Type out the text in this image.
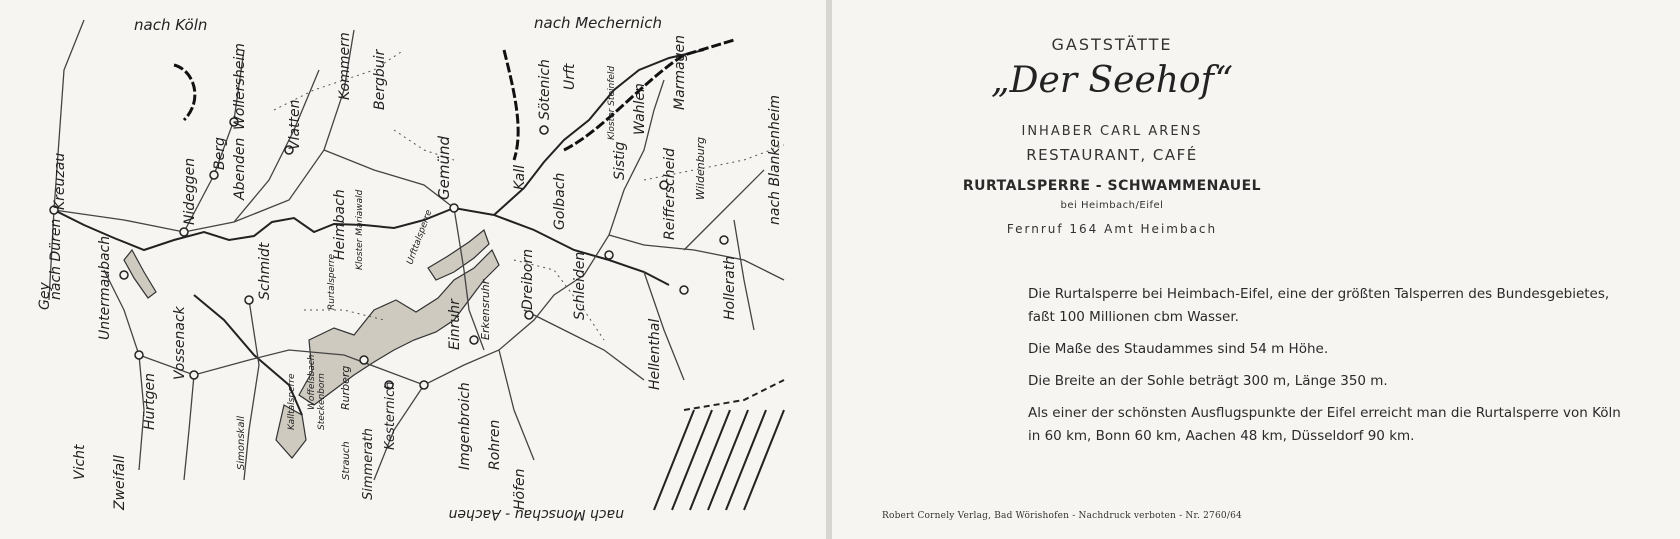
nach Köln	nach Mechernich
nach Düren
nach Blankenheim
nach Monschau - Aachen
Kreuzau
Gey
Nideggen
Berg Abenden
Wollersheim	Vlatten
Kommern Bergbuir
Heimbach Kloster Mariawald
Gemünd
Sötenich Urft
Kall Golbach
Sistig
Kloster Steinfeld Wahlen Marmagen
Reifferscheid Wildenburg
Hollerath
Hellenthal
Schleiden
Dreiborn
Einruhr Erkensruhr
Rohren
Höfen
Imgenbroich
Schmidt
Untermaubach
Vossenack
Hürtgen
Zweifall
Vicht	Simonskall
Kalltalsperre Woffelsbach Steckenborn Rurberg Kesternich
Simmerath
Strauch
Urfttalsperre
Rurtalsperre
GASTSTÄTTE
„Der Seehof“
INHABER CARL ARENS
RESTAURANT, CAFÉ
RURTALSPERRE - SCHWAMMENAUEL
bei Heimbach/Eifel
Fernruf 164 Amt Heimbach

Die Rurtalsperre bei Heimbach-Eifel, eine der größten Talsperren des Bundesgebietes, faßt 100 Millionen cbm Wasser.

Die Maße des Staudammes sind 54 m Höhe.

Die Breite an der Sohle beträgt 300 m, Länge 350 m.

Als einer der schönsten Ausflugspunkte der Eifel erreicht man die Rurtalsperre von Köln in 60 km, Bonn 60 km, Aachen 48 km, Düsseldorf 90 km.

Robert Cornely Verlag, Bad Wörishofen - Nachdruck verboten - Nr. 2760/64
